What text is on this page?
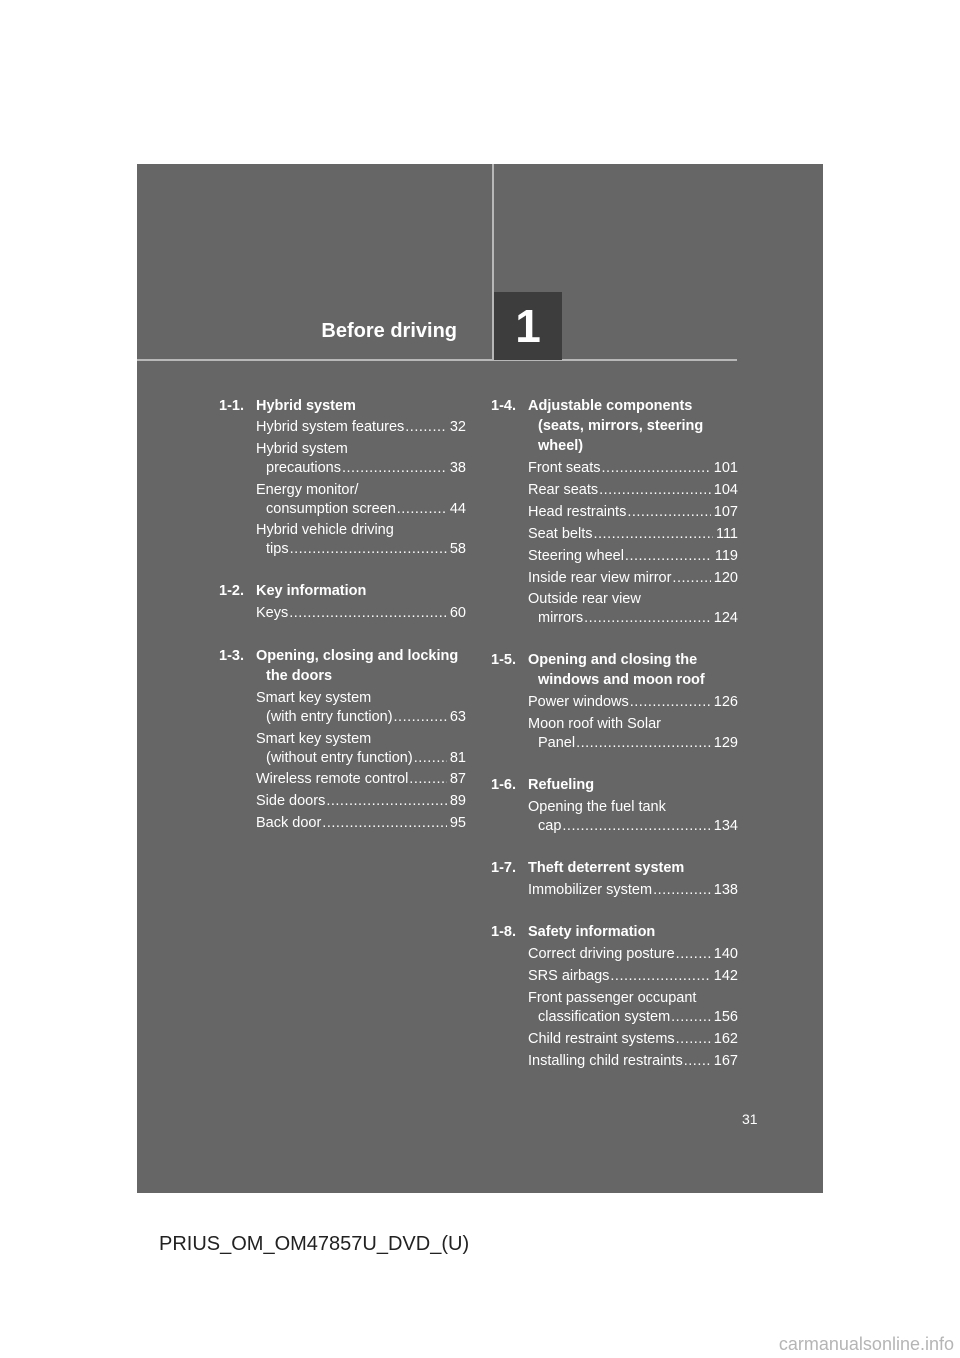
Before driving	1
1-1. Hybrid system
Hybrid system features .....	32
Hybrid system
precautions .....	38
Energy monitor/
consumption screen .....	44
Hybrid vehicle driving
tips .....	58
1-2. Key information
Keys .....	60
1-3. Opening, closing and locking
the doors
Smart key system
(with entry function) .....	63
Smart key system
(without entry function) .....	81
Wireless remote control .....	87
Side doors .....	89
Back door .....	95
1-4. Adjustable components
(seats, mirrors, steering
wheel)
Front seats .....	101
Rear seats .....	104
Head restraints .....	107
Seat belts .....	111
Steering wheel .....	119
Inside rear view mirror .....	120
Outside rear view
mirrors .....	124
1-5. Opening and closing the
windows and moon roof
Power windows .....	126
Moon roof with Solar
Panel .....	129
1-6. Refueling
Opening the fuel tank
cap .....	134
1-7. Theft deterrent system
Immobilizer system .....	138
1-8. Safety information
Correct driving posture .....	140
SRS airbags .....	142
Front passenger occupant
classification system .....	156
Child restraint systems .....	162
Installing child restraints ..... 167
31
PRIUS_OM_OM47857U_DVD_(U)
carmanualsonline.info
